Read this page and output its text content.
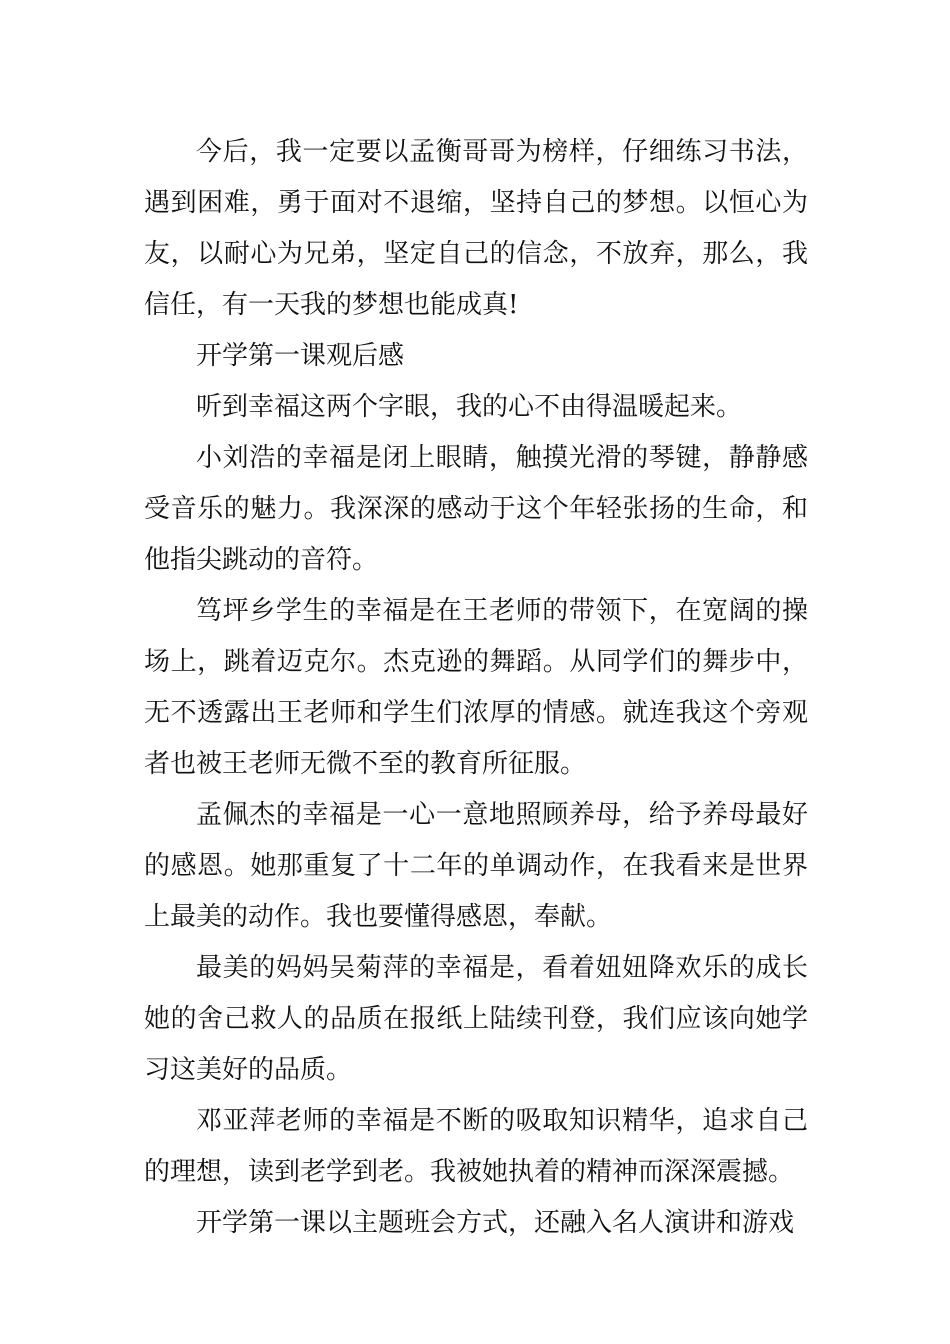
今后，我一定要以孟衡哥哥为榜样，仔细练习书法，遇到困难，勇于面对不退缩，坚持自己的梦想。以恒心为友，以耐心为兄弟，坚定自己的信念，不放弃，那么，我信任，有一天我的梦想也能成真!

开学第一课观后感

听到幸福这两个字眼，我的心不由得温暖起来。

小刘浩的幸福是闭上眼睛，触摸光滑的琴键，静静感受音乐的魅力。我深深的感动于这个年轻张扬的生命，和他指尖跳动的音符。

笃坪乡学生的幸福是在王老师的带领下，在宽阔的操场上，跳着迈克尔。杰克逊的舞蹈。从同学们的舞步中，无不透露出王老师和学生们浓厚的情感。就连我这个旁观者也被王老师无微不至的教育所征服。

孟佩杰的幸福是一心一意地照顾养母，给予养母最好的感恩。她那重复了十二年的单调动作，在我看来是世界上最美的动作。我也要懂得感恩，奉献。

最美的妈妈吴菊萍的幸福是，看着妞妞降欢乐的成长她的舍己救人的品质在报纸上陆续刊登，我们应该向她学习这美好的品质。

邓亚萍老师的幸福是不断的吸取知识精华，追求自己的理想，读到老学到老。我被她执着的精神而深深震撼。

开学第一课以主题班会方式，还融入名人演讲和游戏
